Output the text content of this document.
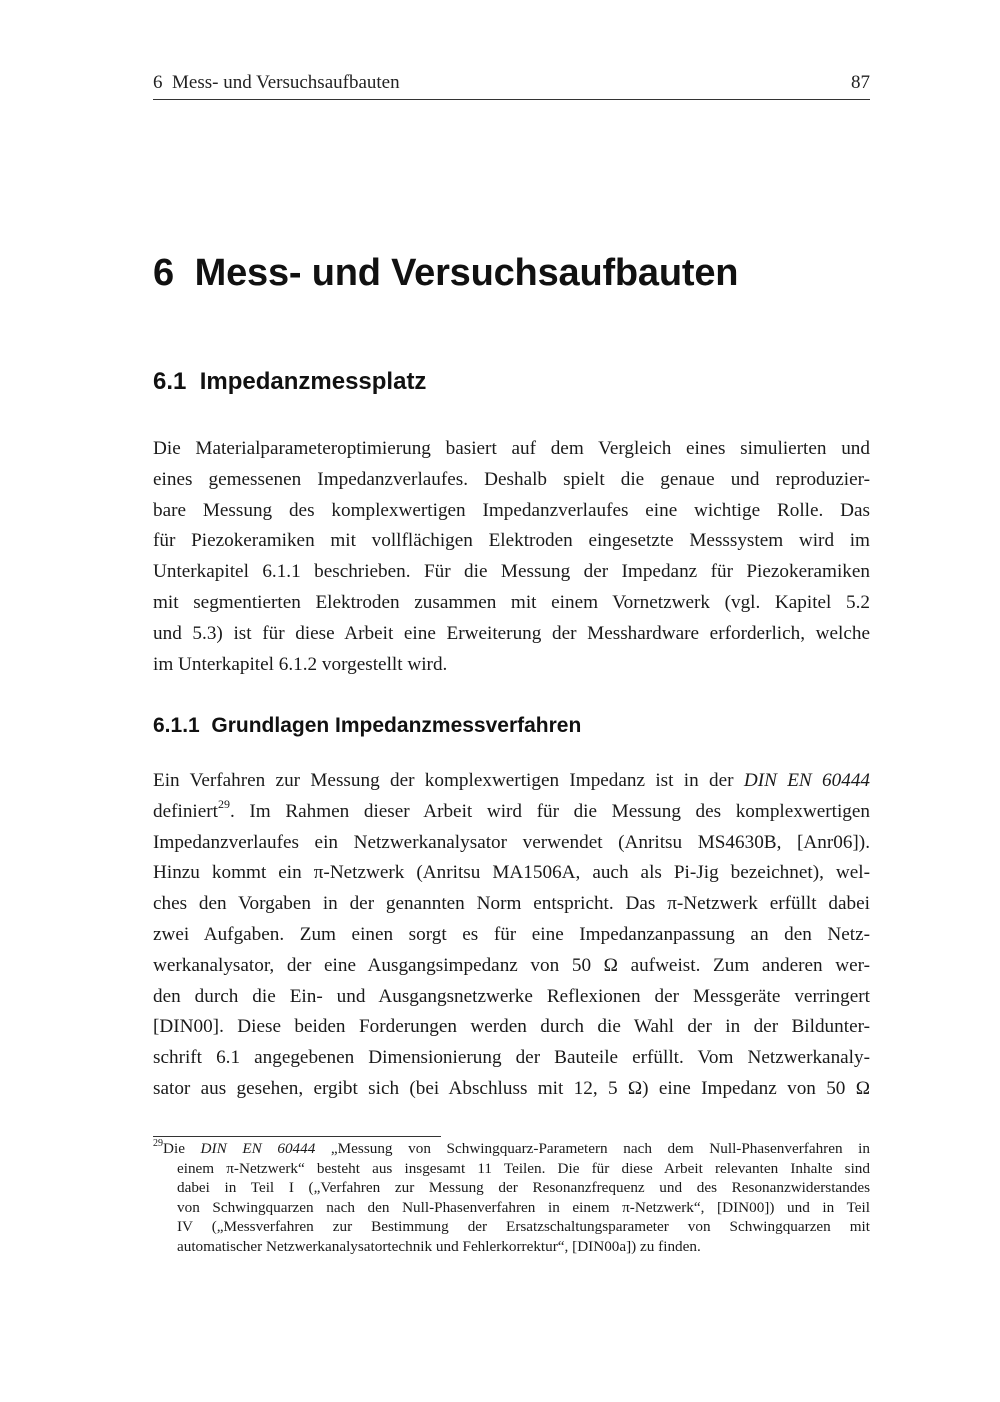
6  Mess- und Versuchsaufbauten	87
6  Mess- und Versuchsaufbauten
6.1  Impedanzmessplatz
Die Materialparameteroptimierung basiert auf dem Vergleich eines simulierten und
eines gemessenen Impedanzverlaufes. Deshalb spielt die genaue und reproduzier-
bare Messung des komplexwertigen Impedanzverlaufes eine wichtige Rolle. Das
für Piezokeramiken mit vollflächigen Elektroden eingesetzte Messsystem wird im
Unterkapitel 6.1.1 beschrieben. Für die Messung der Impedanz für Piezokeramiken
mit segmentierten Elektroden zusammen mit einem Vornetzwerk (vgl. Kapitel 5.2
und 5.3) ist für diese Arbeit eine Erweiterung der Messhardware erforderlich, welche
im Unterkapitel 6.1.2 vorgestellt wird.
6.1.1  Grundlagen Impedanzmessverfahren
Ein Verfahren zur Messung der komplexwertigen Impedanz ist in der DIN EN 60444
definiert$^{29}$. Im Rahmen dieser Arbeit wird für die Messung des komplexwertigen
Impedanzverlaufes ein Netzwerkanalysator verwendet (Anritsu MS4630B, [Anr06]).
Hinzu kommt ein π-Netzwerk (Anritsu MA1506A, auch als Pi-Jig bezeichnet), wel-
ches den Vorgaben in der genannten Norm entspricht. Das π-Netzwerk erfüllt dabei
zwei Aufgaben. Zum einen sorgt es für eine Impedanzanpassung an den Netz-
werkanalysator, der eine Ausgangsimpedanz von 50 Ω aufweist. Zum anderen wer-
den durch die Ein- und Ausgangsnetzwerke Reflexionen der Messgeräte verringert
[DIN00]. Diese beiden Forderungen werden durch die Wahl der in der Bildunter-
schrift 6.1 angegebenen Dimensionierung der Bauteile erfüllt. Vom Netzwerkanaly-
sator aus gesehen, ergibt sich (bei Abschluss mit 12, 5 Ω) eine Impedanz von 50 Ω
$^{29}$Die DIN EN 60444 „Messung von Schwingquarz-Parametern nach dem Null-Phasenverfahren in
einem π-Netzwerk“ besteht aus insgesamt 11 Teilen. Die für diese Arbeit relevanten Inhalte sind
dabei in Teil I („Verfahren zur Messung der Resonanzfrequenz und des Resonanzwiderstandes
von Schwingquarzen nach den Null-Phasenverfahren in einem π-Netzwerk“, [DIN00]) und in Teil
IV („Messverfahren zur Bestimmung der Ersatzschaltungsparameter von Schwingquarzen mit
automatischer Netzwerkanalysatortechnik und Fehlerkorrektur“, [DIN00a]) zu finden.
